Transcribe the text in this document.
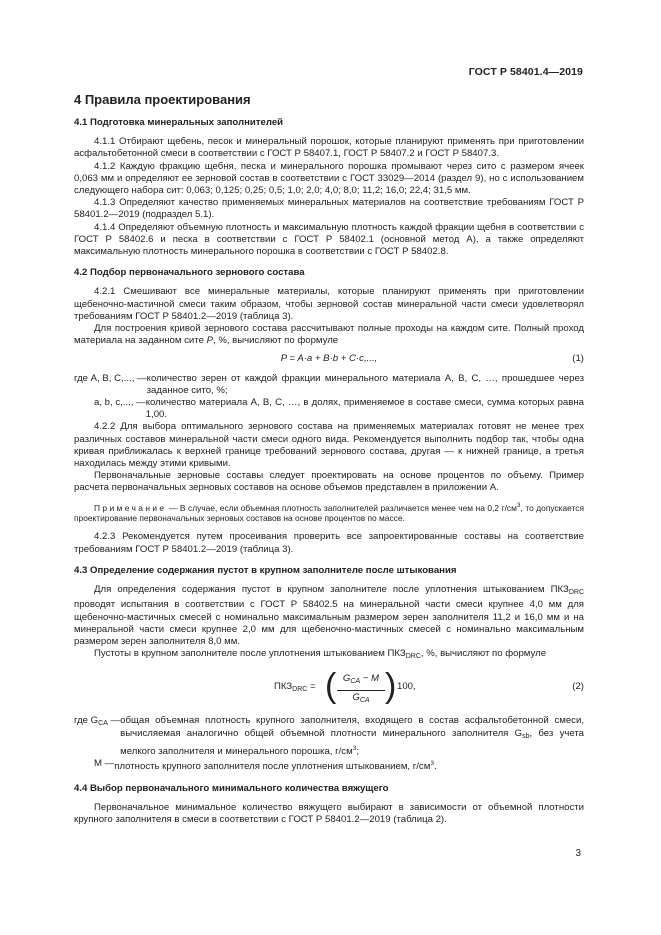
ГОСТ Р 58401.4—2019
4 Правила проектирования
4.1 Подготовка минеральных заполнителей

4.1.1 Отбирают щебень, песок и минеральный порошок, которые планируют применять при приготовлении асфальтобетонной смеси в соответствии с ГОСТ Р 58407.1, ГОСТ Р 58407.2 и ГОСТ Р 58407.3.

4.1.2 Каждую фракцию щебня, песка и минерального порошка промывают через сито с размером ячеек 0,063 мм и определяют ее зерновой состав в соответствии с ГОСТ 33029—2014 (раздел 9), но с использованием следующего набора сит: 0,063; 0,125; 0,25; 0,5; 1,0; 2,0; 4,0; 8,0; 11,2; 16,0; 22,4; 31,5 мм.

4.1.3 Определяют качество применяемых минеральных материалов на соответствие требованиям ГОСТ Р 58401.2—2019 (подраздел 5.1).

4.1.4 Определяют объемную плотность и максимальную плотность каждой фракции щебня в соответствии с ГОСТ Р 58402.6 и песка в соответствии с ГОСТ Р 58402.1 (основной метод А), а также определяют максимальную плотность минерального порошка в соответствии с ГОСТ Р 58402.8.

4.2 Подбор первоначального зернового состава

4.2.1 Смешивают все минеральные материалы, которые планируют применять при приготовлении щебеночно-мастичной смеси таким образом, чтобы зерновой состав минеральной части смеси удовлетворял требованиям ГОСТ Р 58401.2—2019 (таблица 3).

Для построения кривой зернового состава рассчитывают полные проходы на каждом сите. Полный проход материала на заданном сите P, %, вычисляют по формуле

P = A·a + B·b + C·c,...,	(1)
где A, B, C,..., — количество зерен от каждой фракции минерального материала A, B, C, …, прошедшее через заданное сито, %;
a, b, c,..., — количество материала A, B, C, …, в долях, применяемое в составе смеси, сумма которых равна 1,00.

4.2.2 Для выбора оптимального зернового состава на применяемых материалах готовят не менее трех различных составов минеральной части смеси одного вида. Рекомендуется выполнить подбор так, чтобы одна кривая приближалась к верхней границе требований зернового состава, другая — к нижней границе, а третья находилась между этими кривыми.

Первоначальные зерновые составы следует проектировать на основе процентов по объему. Пример расчета первоначальных зерновых составов на основе объемов представлен в приложении А.

Примечание — В случае, если объемная плотность заполнителей различается менее чем на 0,2 $г/см^3$, то допускается проектирование первоначальных зерновых составов на основе процентов по массе.

4.2.3 Рекомендуется путем просеивания проверить все запроектированные составы на соответствие требованиям ГОСТ Р 58401.2—2019 (таблица 3).

4.3 Определение содержания пустот в крупном заполнителе после штыкования

Для определения содержания пустот в крупном заполнителе после уплотнения штыкованием $ПКЗ_{DRC}$ проводят испытания в соответствии с ГОСТ Р 58402.5 на минеральной части смеси крупнее 4,0 мм для щебеночно-мастичных смесей с номинально максимальным размером зерен заполнителя 11,2 и 16,0 мм и на минеральной части смеси крупнее 2,0 мм для щебеночно-мастичных смесей с номинально максимальным размером зерен заполнителя 8,0 мм.

Пустоты в крупном заполнителе после уплотнения штыкованием $ПКЗ_{DRC}$, %, вычисляют по формуле

$ПКЗ_{DRC}$ = ( $G_{CA} - M$
$G_{CA}$ ) 100,	(2)
где $G_{CA}$ — общая объемная плотность крупного заполнителя, входящего в состав асфальтобетонной смеси, вычисляемая аналогично общей объемной плотности минерального заполнителя $G_{sb}$, без учета мелкого заполнителя и минерального порошка, $г/см^3$;
M — плотность крупного заполнителя после уплотнения штыкованием, $г/см^3$.
4.4 Выбор первоначального минимального количества вяжущего

Первоначальное минимальное количество вяжущего выбирают в зависимости от объемной плотности крупного заполнителя в смеси в соответствии с ГОСТ Р 58401.2—2019 (таблица 2).

3
